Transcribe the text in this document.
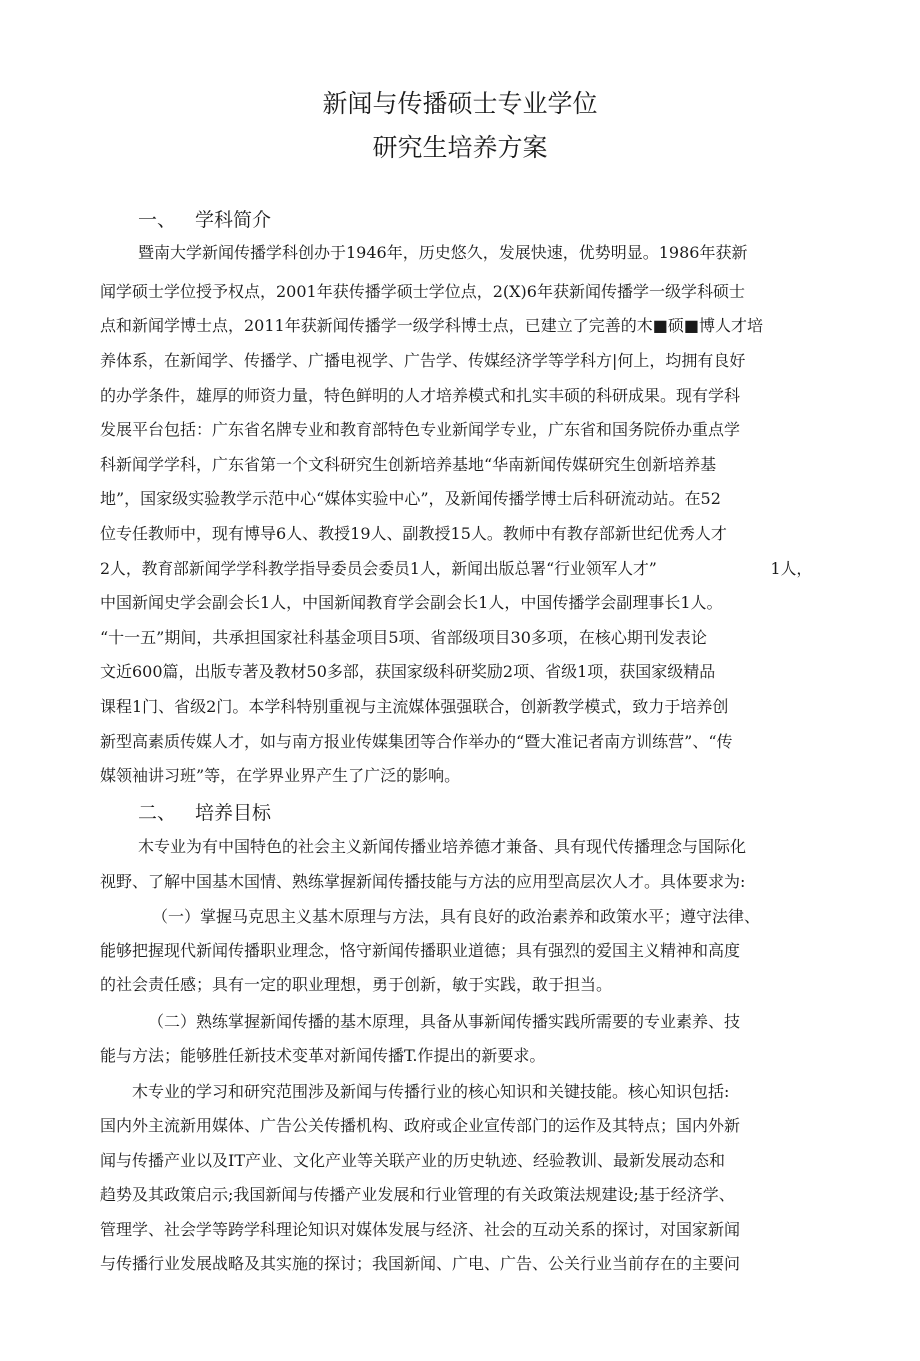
新闻与传播硕士专业学位
研究生培养方案
一、 学科简介
暨南大学新闻传播学科创办于1946年，历史悠久，发展快速，优势明显。1986年获新
闻学硕士学位授予权点，2001年获传播学硕士学位点，2(X)6年获新闻传播学一级学科硕士
点和新闻学博士点，2011年获新闻传播学一级学科博士点，已建立了完善的木■硕■博人才培
养体系，在新闻学、传播学、广播电视学、广告学、传媒经济学等学科方|何上，均拥有良好
的办学条件，雄厚的师资力量，特色鲜明的人才培养模式和扎实丰硕的科研成果。现有学科
发展平台包括：广东省名牌专业和教育部特色专业新闻学专业，广东省和国务院侨办重点学
科新闻学学科，广东省第一个文科研究生创新培养基地“华南新闻传媒研究生创新培养基
地”，国家级实验教学示范中心“媒体实验中心”，及新闻传播学博士后科研流动站。在52
位专任教师中，现有博导6人、教授19人、副教授15人。教师中有教存部新世纪优秀人才
2人，教育部新闻学学科教学指导委员会委员1人，新闻出版总署“行业领军人才”	1人，
中国新闻史学会副会长1人，中国新闻教育学会副会长1人，中国传播学会副理事长1人。
“十一五”期间，共承担国家社科基金项目5项、省部级项目30多项，在核心期刊发表论
文近600篇，出版专著及教材50多部，获国家级科研奖励2项、省级1项，获国家级精品
课程1门、省级2门。本学科特别重视与主流媒体强强联合，创新教学模式，致力于培养创
新型高素质传媒人才，如与南方报业传媒集团等合作举办的“暨大准记者南方训练营”、“传
媒领袖讲习班”等，在学界业界产生了广泛的影响。
二、 培养目标
木专业为有中国特色的社会主义新闻传播业培养德才兼备、具有现代传播理念与国际化
视野、了解中国基木国情、熟练掌握新闻传播技能与方法的应用型高层次人才。具体要求为:
（一）掌握马克思主义基木原理与方法，具有良好的政治素养和政策水平；遵守法律、
能够把握现代新闻传播职业理念，恪守新闻传播职业道德；具有强烈的爱国主义精神和高度
的社会责任感；具有一定的职业理想，勇于创新，敏于实践，敢于担当。
（二）熟练掌握新闻传播的基木原理，具备从事新闻传播实践所需要的专业素养、技
能与方法；能够胜任新技术变革对新闻传播T.作提出的新要求。
木专业的学习和研究范围涉及新闻与传播行业的核心知识和关键技能。核心知识包括:
国内外主流新用媒体、广告公关传播机构、政府或企业宣传部门的运作及其特点；国内外新
闻与传播产业以及IT产业、文化产业等关联产业的历史轨迹、经验教训、最新发展动态和
趋势及其政策启示;我国新闻与传播产业发展和行业管理的有关政策法规建设;基于经济学、
管理学、社会学等跨学科理论知识对媒体发展与经济、社会的互动关系的探讨，对国家新闻
与传播行业发展战略及其实施的探讨；我国新闻、广电、广告、公关行业当前存在的主要问
